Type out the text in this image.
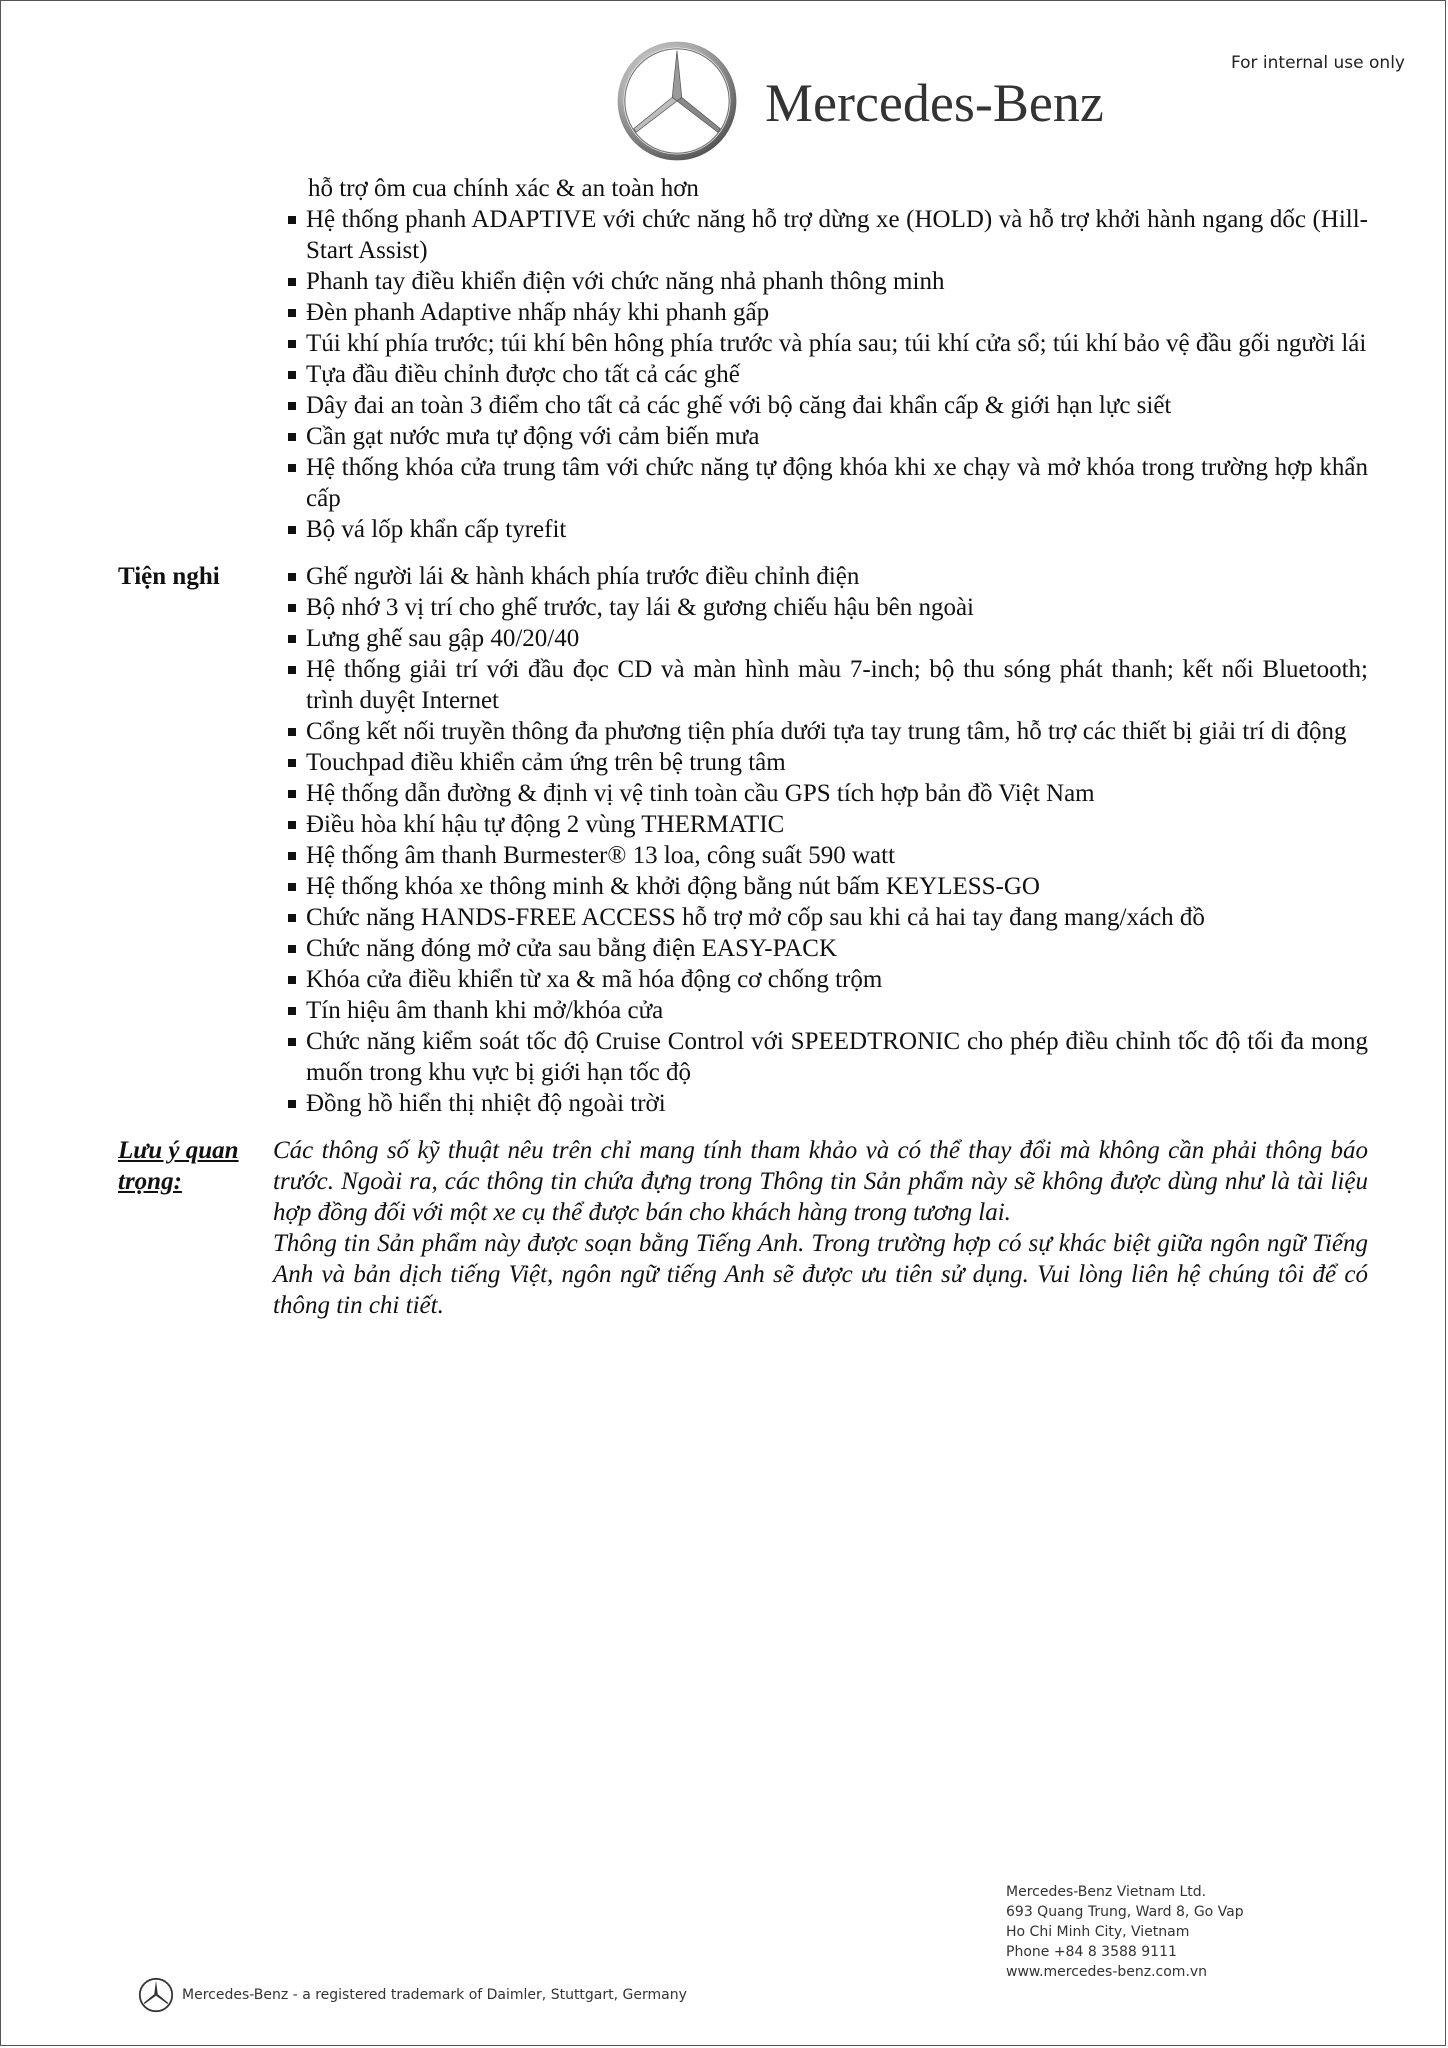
For internal use only
Mercedes-Benz
hỗ trợ ôm cua chính xác & an toàn hơn
Hệ thống phanh ADAPTIVE với chức năng hỗ trợ dừng xe (HOLD) và hỗ trợ khởi hành ngang dốc (Hill-Start Assist)
Phanh tay điều khiển điện với chức năng nhả phanh thông minh
Đèn phanh Adaptive nhấp nháy khi phanh gấp
Túi khí phía trước; túi khí bên hông phía trước và phía sau; túi khí cửa sổ; túi khí bảo vệ đầu gối người lái
Tựa đầu điều chỉnh được cho tất cả các ghế
Dây đai an toàn 3 điểm cho tất cả các ghế với bộ căng đai khẩn cấp & giới hạn lực siết
Cần gạt nước mưa tự động với cảm biến mưa
Hệ thống khóa cửa trung tâm với chức năng tự động khóa khi xe chạy và mở khóa trong trường hợp khẩn cấp
Bộ vá lốp khẩn cấp tyrefit
Tiện nghi	Ghế người lái & hành khách phía trước điều chỉnh điện
Bộ nhớ 3 vị trí cho ghế trước, tay lái & gương chiếu hậu bên ngoài
Lưng ghế sau gập 40/20/40
Hệ thống giải trí với đầu đọc CD và màn hình màu 7-inch; bộ thu sóng phát thanh; kết nối Bluetooth; trình duyệt Internet
Cổng kết nối truyền thông đa phương tiện phía dưới tựa tay trung tâm, hỗ trợ các thiết bị giải trí di động
Touchpad điều khiển cảm ứng trên bệ trung tâm
Hệ thống dẫn đường & định vị vệ tinh toàn cầu GPS tích hợp bản đồ Việt Nam
Điều hòa khí hậu tự động 2 vùng THERMATIC
Hệ thống âm thanh Burmester® 13 loa, công suất 590 watt
Hệ thống khóa xe thông minh & khởi động bằng nút bấm KEYLESS-GO
Chức năng HANDS-FREE ACCESS hỗ trợ mở cốp sau khi cả hai tay đang mang/xách đồ
Chức năng đóng mở cửa sau bằng điện EASY-PACK
Khóa cửa điều khiển từ xa & mã hóa động cơ chống trộm
Tín hiệu âm thanh khi mở/khóa cửa
Chức năng kiểm soát tốc độ Cruise Control với SPEEDTRONIC cho phép điều chỉnh tốc độ tối đa mong muốn trong khu vực bị giới hạn tốc độ
Đồng hồ hiển thị nhiệt độ ngoài trời
Lưu ý quan trọng:

Các thông số kỹ thuật nêu trên chỉ mang tính tham khảo và có thể thay đổi mà không cần phải thông báo trước. Ngoài ra, các thông tin chứa đựng trong Thông tin Sản phẩm này sẽ không được dùng như là tài liệu hợp đồng đối với một xe cụ thể được bán cho khách hàng trong tương lai.

Thông tin Sản phẩm này được soạn bằng Tiếng Anh. Trong trường hợp có sự khác biệt giữa ngôn ngữ Tiếng Anh và bản dịch tiếng Việt, ngôn ngữ tiếng Anh sẽ được ưu tiên sử dụng. Vui lòng liên hệ chúng tôi để có thông tin chi tiết.

Mercedes-Benz Vietnam Ltd.
693 Quang Trung, Ward 8, Go Vap
Ho Chi Minh City, Vietnam
Phone +84 8 3588 9111
www.mercedes-benz.com.vn
Mercedes-Benz - a registered trademark of Daimler, Stuttgart, Germany
